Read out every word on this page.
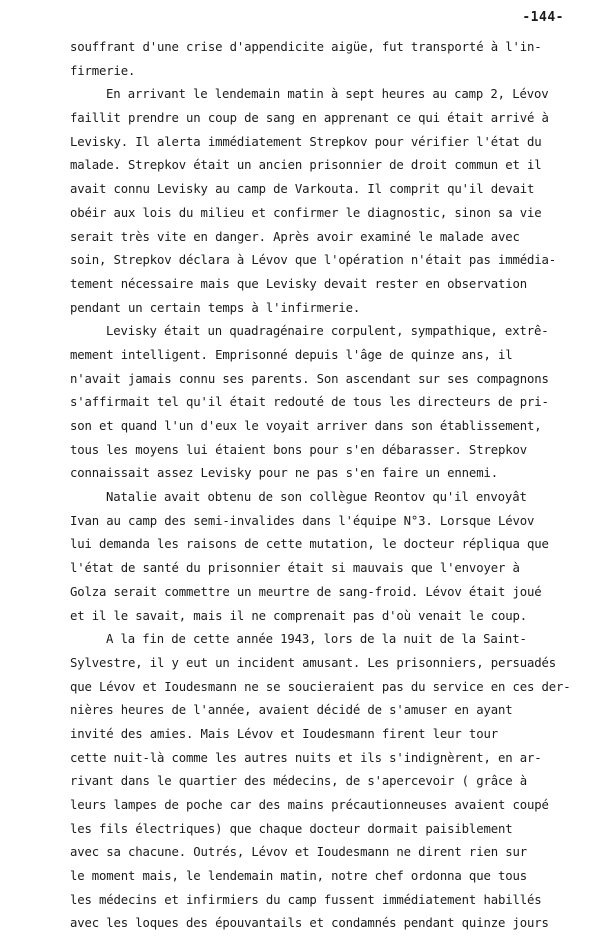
-144-
souffrant d'une crise d'appendicite aigüe, fut transporté à l'in-
firmerie.
En arrivant le lendemain matin à sept heures au camp 2, Lévov
faillit prendre un coup de sang en apprenant ce qui était arrivé à
Levisky. Il alerta immédiatement Strepkov pour vérifier l'état du
malade. Strepkov était un ancien prisonnier de droit commun et il
avait connu Levisky au camp de Varkouta. Il comprit qu'il devait
obéir aux lois du milieu et confirmer le diagnostic, sinon sa vie
serait très vite en danger. Après avoir examiné le malade avec
soin, Strepkov déclara à Lévov que l'opération n'était pas immédia-
tement nécessaire mais que Levisky devait rester en observation
pendant un certain temps à l'infirmerie.
Levisky était un quadragénaire corpulent, sympathique, extrê-
mement intelligent. Emprisonné depuis l'âge de quinze ans, il
n'avait jamais connu ses parents. Son ascendant sur ses compagnons
s'affirmait tel qu'il était redouté de tous les directeurs de pri-
son et quand l'un d'eux le voyait arriver dans son établissement,
tous les moyens lui étaient bons pour s'en débarasser. Strepkov
connaissait assez Levisky pour ne pas s'en faire un ennemi.
Natalie avait obtenu de son collègue Reontov qu'il envoyât
Ivan au camp des semi-invalides dans l'équipe N°3. Lorsque Lévov
lui demanda les raisons de cette mutation, le docteur répliqua que
l'état de santé du prisonnier était si mauvais que l'envoyer à
Golza serait commettre un meurtre de sang-froid. Lévov était joué
et il le savait, mais il ne comprenait pas d'où venait le coup.
A la fin de cette année 1943, lors de la nuit de la Saint-
Sylvestre, il y eut un incident amusant. Les prisonniers, persuadés
que Lévov et Ioudesmann ne se soucieraient pas du service en ces der-
nières heures de l'année, avaient décidé de s'amuser en ayant
invité des amies. Mais Lévov et Ioudesmann firent leur tour
cette nuit-là comme les autres nuits et ils s'indignèrent, en ar-
rivant dans le quartier des médecins, de s'apercevoir ( grâce à
leurs lampes de poche car des mains précautionneuses avaient coupé
les fils électriques) que chaque docteur dormait paisiblement
avec sa chacune. Outrés, Lévov et Ioudesmann ne dirent rien sur
le moment mais, le lendemain matin, notre chef ordonna que tous
les médecins et infirmiers du camp fussent immédiatement habillés
avec les loques des épouvantails et condamnés pendant quinze jours
